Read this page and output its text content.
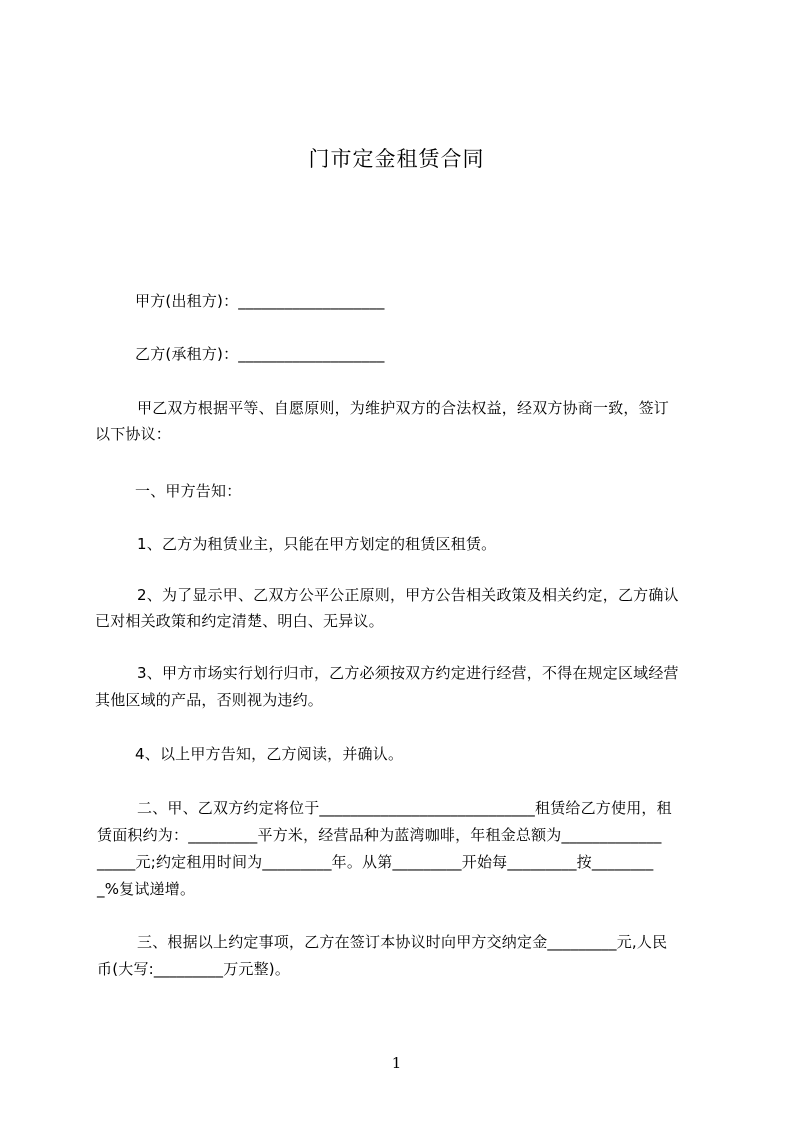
门市定金租赁合同
甲方(出租方)：___________________
乙方(承租方)：___________________
甲乙双方根据平等、自愿原则，为维护双方的合法权益，经双方协商一致，签订
以下协议：
一、甲方告知：
1、乙方为租赁业主，只能在甲方划定的租赁区租赁。
2、为了显示甲、乙双方公平公正原则，甲方公告相关政策及相关约定，乙方确认
已对相关政策和约定清楚、明白、无异议。
3、甲方市场实行划行归市，乙方必须按双方约定进行经营，不得在规定区域经营
其他区域的产品，否则视为违约。
4、以上甲方告知，乙方阅读，并确认。
二、甲、乙双方约定将位于____________________________租赁给乙方使用，租
赁面积约为：_________平方米，经营品种为蓝湾咖啡，年租金总额为_____________
_____元;约定租用时间为_________年。从第_________开始每_________按________
_%复试递增。
三、根据以上约定事项，乙方在签订本协议时向甲方交纳定金_________元,人民
币(大写:_________万元整)。
1
